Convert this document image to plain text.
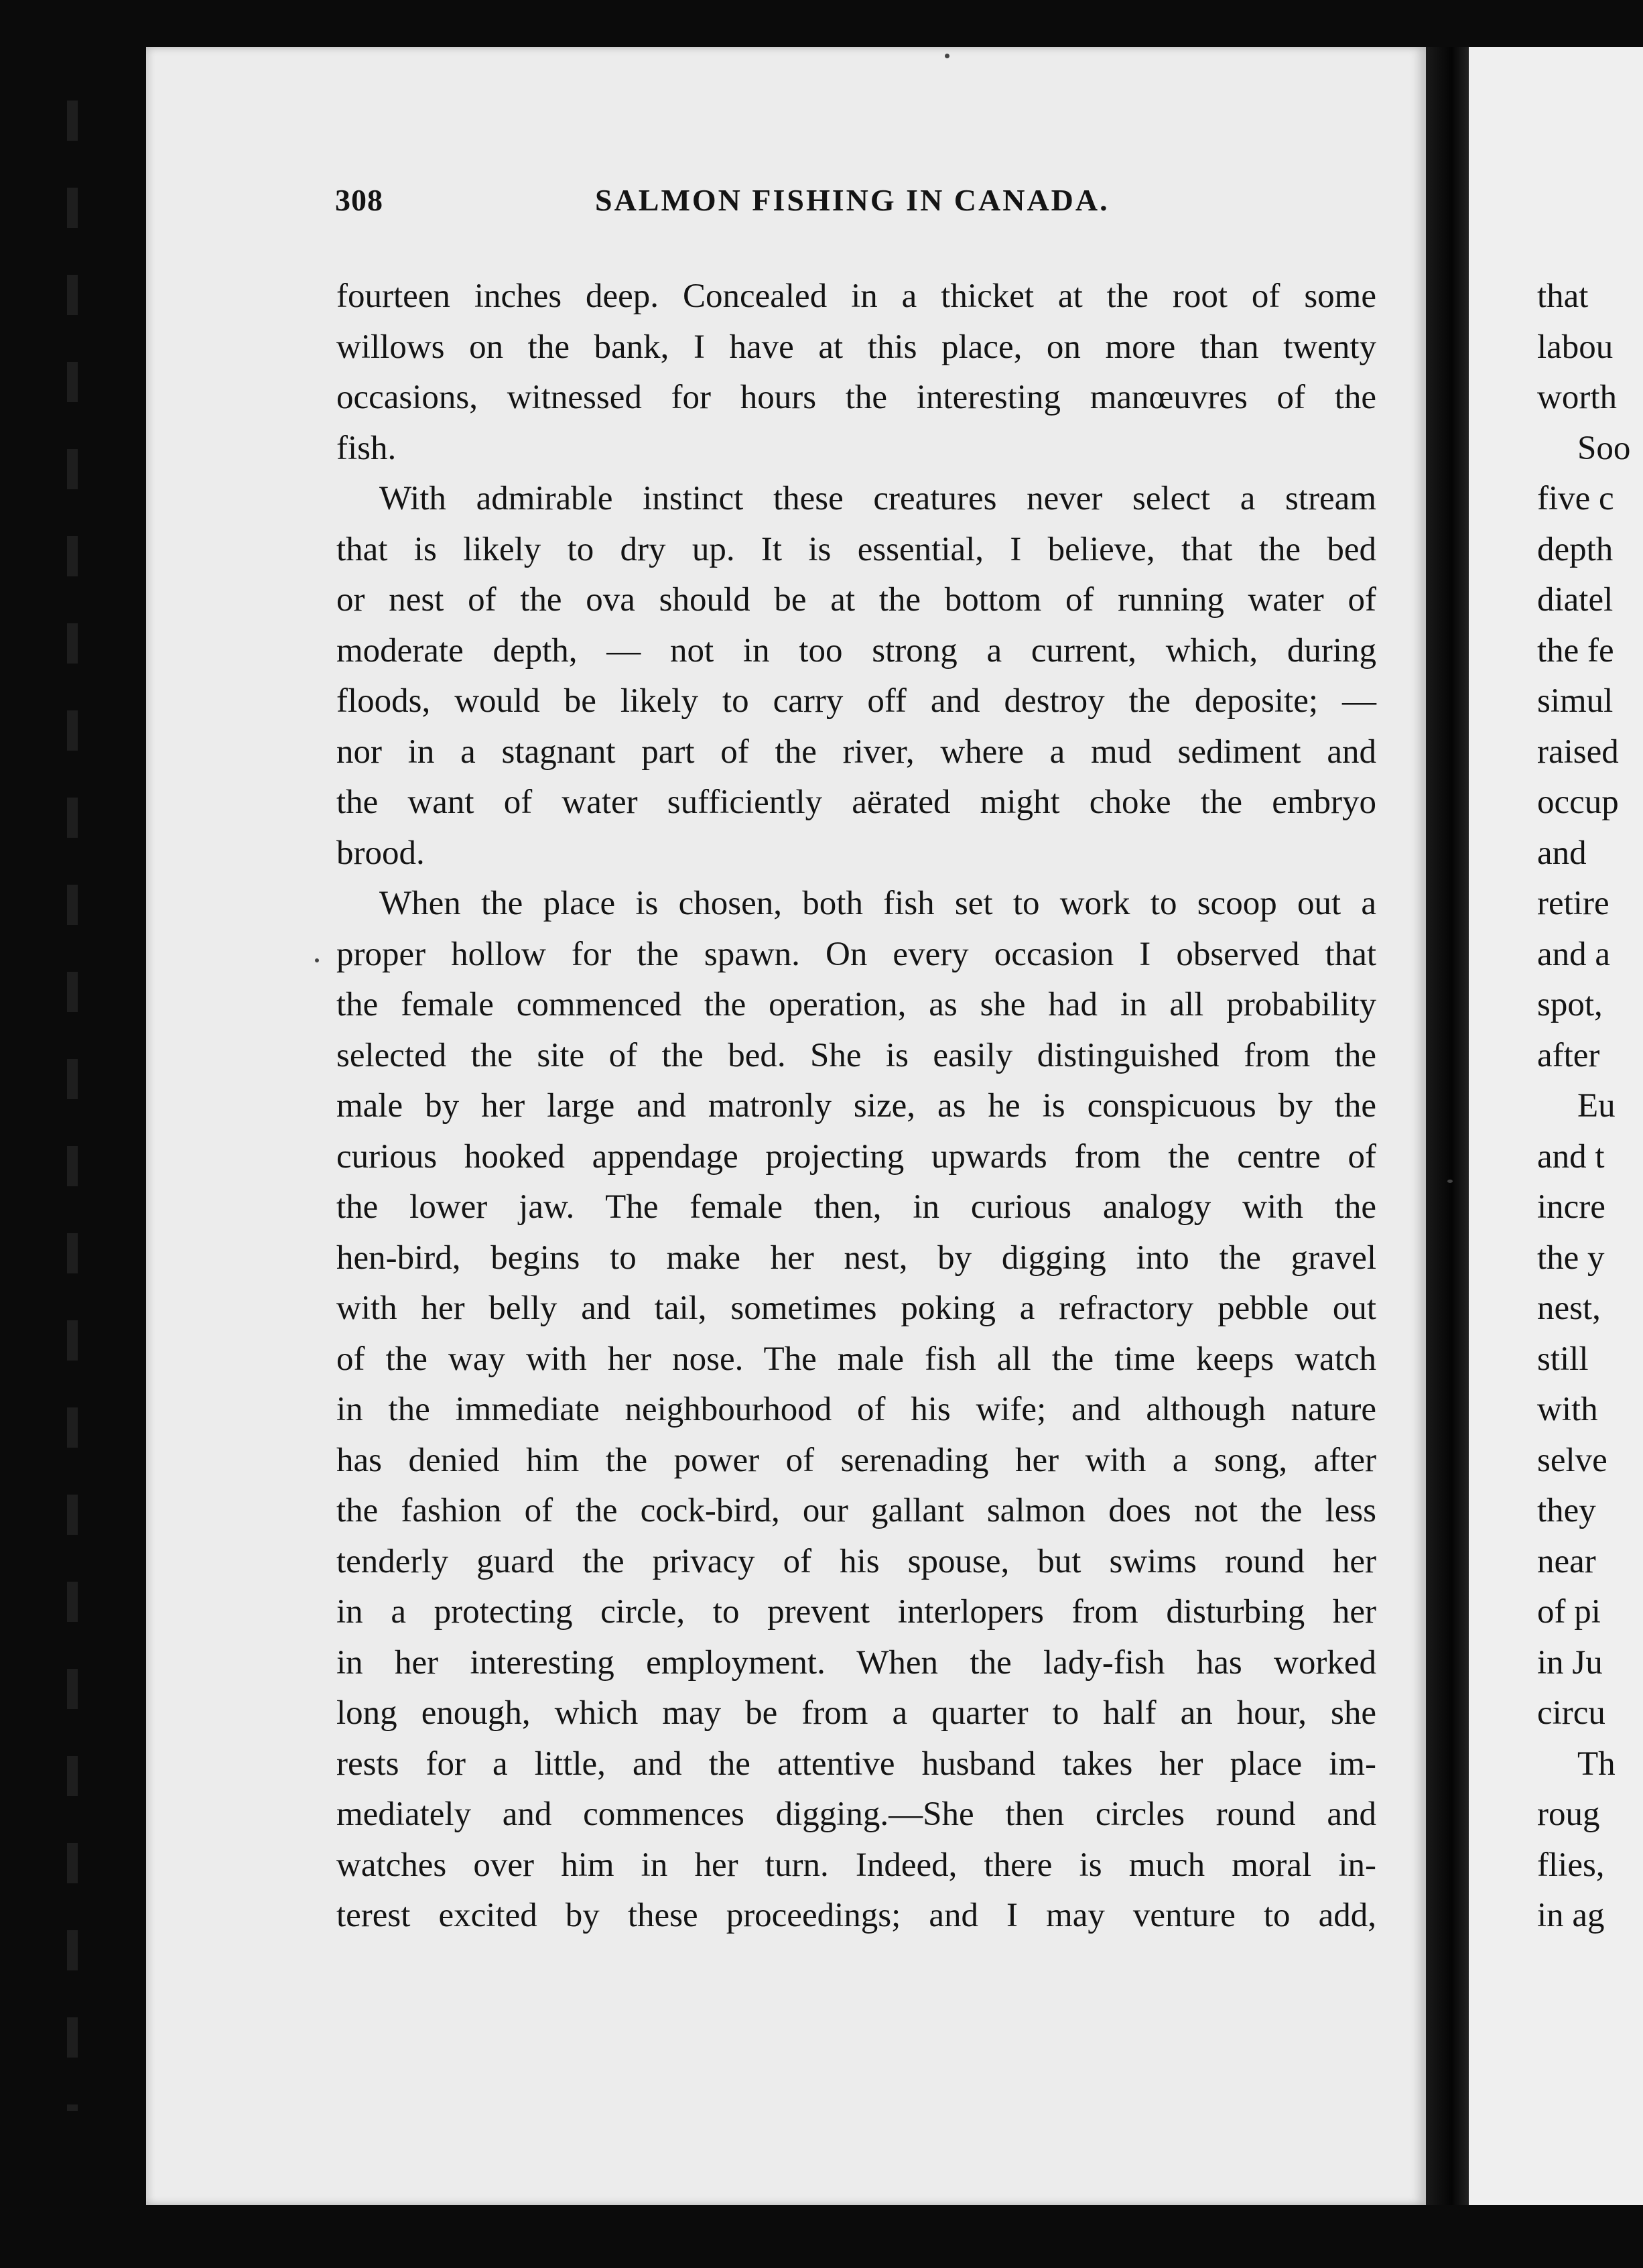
308	SALMON FISHING IN CANADA.
fourteen inches deep. Concealed in a thicket at the root of some
willows on the bank, I have at this place, on more than twenty
occasions, witnessed for hours the interesting manœuvres of the
fish.
With admirable instinct these creatures never select a stream
that is likely to dry up. It is essential, I believe, that the bed
or nest of the ova should be at the bottom of running water of
moderate depth, — not in too strong a current, which, during
floods, would be likely to carry off and destroy the deposite; —
nor in a stagnant part of the river, where a mud sediment and
the want of water sufficiently aërated might choke the embryo
brood.
When the place is chosen, both fish set to work to scoop out a
proper hollow for the spawn. On every occasion I observed that
the female commenced the operation, as she had in all probability
selected the site of the bed. She is easily distinguished from the
male by her large and matronly size, as he is conspicuous by the
curious hooked appendage projecting upwards from the centre of
the lower jaw. The female then, in curious analogy with the
hen-bird, begins to make her nest, by digging into the gravel
with her belly and tail, sometimes poking a refractory pebble out
of the way with her nose. The male fish all the time keeps watch
in the immediate neighbourhood of his wife; and although nature
has denied him the power of serenading her with a song, after
the fashion of the cock-bird, our gallant salmon does not the less
tenderly guard the privacy of his spouse, but swims round her
in a protecting circle, to prevent interlopers from disturbing her
in her interesting employment. When the lady-fish has worked
long enough, which may be from a quarter to half an hour, she
rests for a little, and the attentive husband takes her place im-
mediately and commences digging.—She then circles round and
watches over him in her turn. Indeed, there is much moral in-
terest excited by these proceedings; and I may venture to add,
that
labou
worth
Soo
five c
depth
diatel
the fe
simul
raised
occup
and
retire
and a
spot,
after
Eu
and t
incre
the y
nest,
still
with
selve
they
near
of pi
in Ju
circu
Th
roug
flies,
in ag
